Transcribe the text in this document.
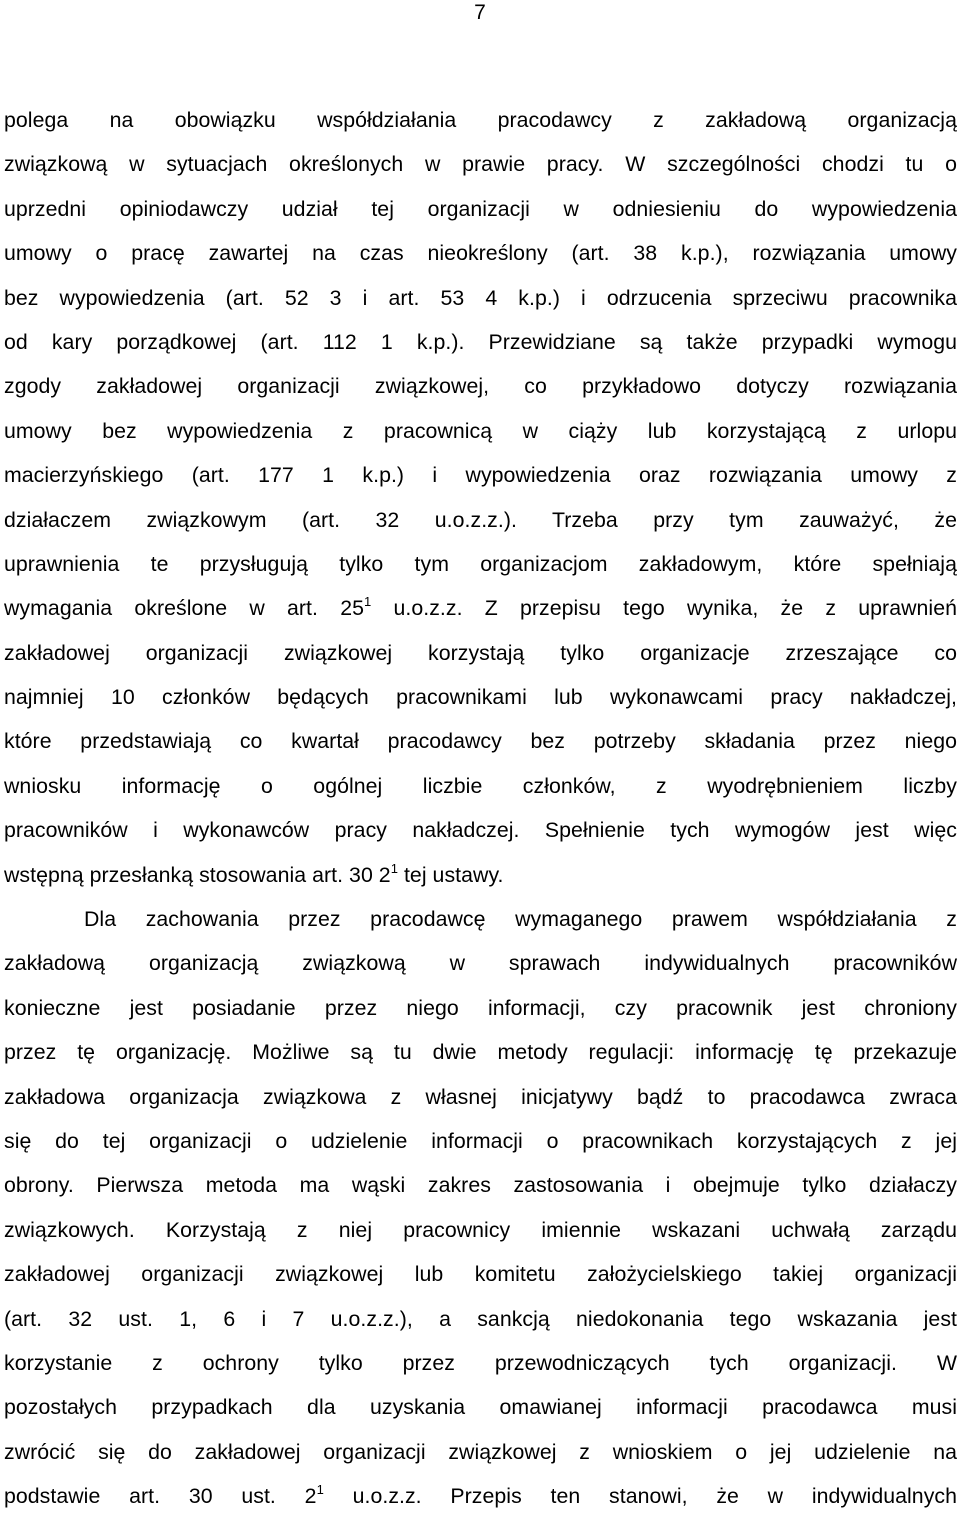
7
polega na obowiązku współdziałania pracodawcy z zakładową organizacją
związkową w sytuacjach określonych w prawie pracy. W szczególności chodzi tu o
uprzedni opiniodawczy udział tej organizacji w odniesieniu do wypowiedzenia
umowy o pracę zawartej na czas nieokreślony (art. 38 k.p.), rozwiązania umowy
bez wypowiedzenia (art. 52 3 i art. 53 4 k.p.) i odrzucenia sprzeciwu pracownika
od kary porządkowej (art. 112 1 k.p.). Przewidziane są także przypadki wymogu
zgody zakładowej organizacji związkowej, co przykładowo dotyczy rozwiązania
umowy bez wypowiedzenia z pracownicą w ciąży lub korzystającą z urlopu
macierzyńskiego (art. 177 1 k.p.) i wypowiedzenia oraz rozwiązania umowy z
działaczem związkowym (art. 32 u.o.z.z.). Trzeba przy tym zauważyć, że
uprawnienia te przysługują tylko tym organizacjom zakładowym, które spełniają
wymagania określone w art. $25^1$ u.o.z.z. Z przepisu tego wynika, że z uprawnień
zakładowej organizacji związkowej korzystają tylko organizacje zrzeszające co
najmniej 10 członków będących pracownikami lub wykonawcami pracy nakładczej,
które przedstawiają co kwartał pracodawcy bez potrzeby składania przez niego
wniosku informację o ogólnej liczbie członków, z wyodrębnieniem liczby
pracowników i wykonawców pracy nakładczej. Spełnienie tych wymogów jest więc
wstępną przesłanką stosowania art. 30 $2^1$ tej ustawy.
Dla zachowania przez pracodawcę wymaganego prawem współdziałania z
zakładową organizacją związkową w sprawach indywidualnych pracowników
konieczne jest posiadanie przez niego informacji, czy pracownik jest chroniony
przez tę organizację. Możliwe są tu dwie metody regulacji: informację tę przekazuje
zakładowa organizacja związkowa z własnej inicjatywy bądź to pracodawca zwraca
się do tej organizacji o udzielenie informacji o pracownikach korzystających z jej
obrony. Pierwsza metoda ma wąski zakres zastosowania i obejmuje tylko działaczy
związkowych. Korzystają z niej pracownicy imiennie wskazani uchwałą zarządu
zakładowej organizacji związkowej lub komitetu założycielskiego takiej organizacji
(art. 32 ust. 1, 6 i 7 u.o.z.z.), a sankcją niedokonania tego wskazania jest
korzystanie z ochrony tylko przez przewodniczących tych organizacji. W
pozostałych przypadkach dla uzyskania omawianej informacji pracodawca musi
zwrócić się do zakładowej organizacji związkowej z wnioskiem o jej udzielenie na
podstawie art. 30 ust. $2^1$ u.o.z.z. Przepis ten stanowi, że w indywidualnych
